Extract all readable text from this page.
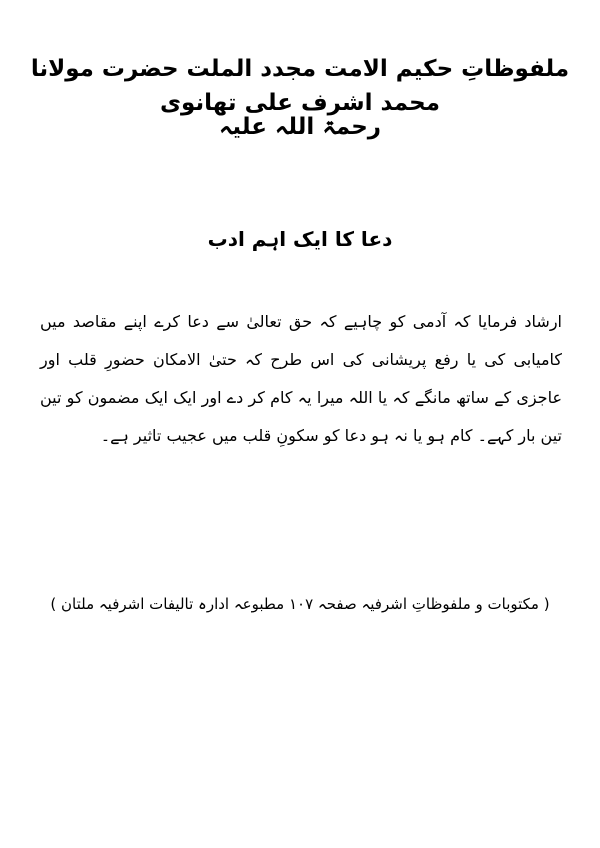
ملفوظاتِ حکیم الامت مجدد الملت حضرت مولانا محمد اشرف علی تھانوی
رحمۃ اللہ علیہ
دعا کا ایک اہم ادب

ارشاد فرمایا کہ آدمی کو چاہیے کہ حق تعالیٰ سے دعا کرے اپنے مقاصد میں کامیابی کی یا رفع پریشانی کی اس طرح کہ حتیٰ الامکان حضورِ قلب اور عاجزی کے ساتھ مانگے کہ یا اللہ میرا یہ کام کر دے اور ایک ایک مضمون کو تین تین بار کہے۔ کام ہو یا نہ ہو دعا کو سکونِ قلب میں عجیب تاثیر ہے۔

( مکتوبات و ملفوظاتِ اشرفیہ صفحہ ۱۰۷ مطبوعہ ادارہ تالیفات اشرفیہ ملتان )
